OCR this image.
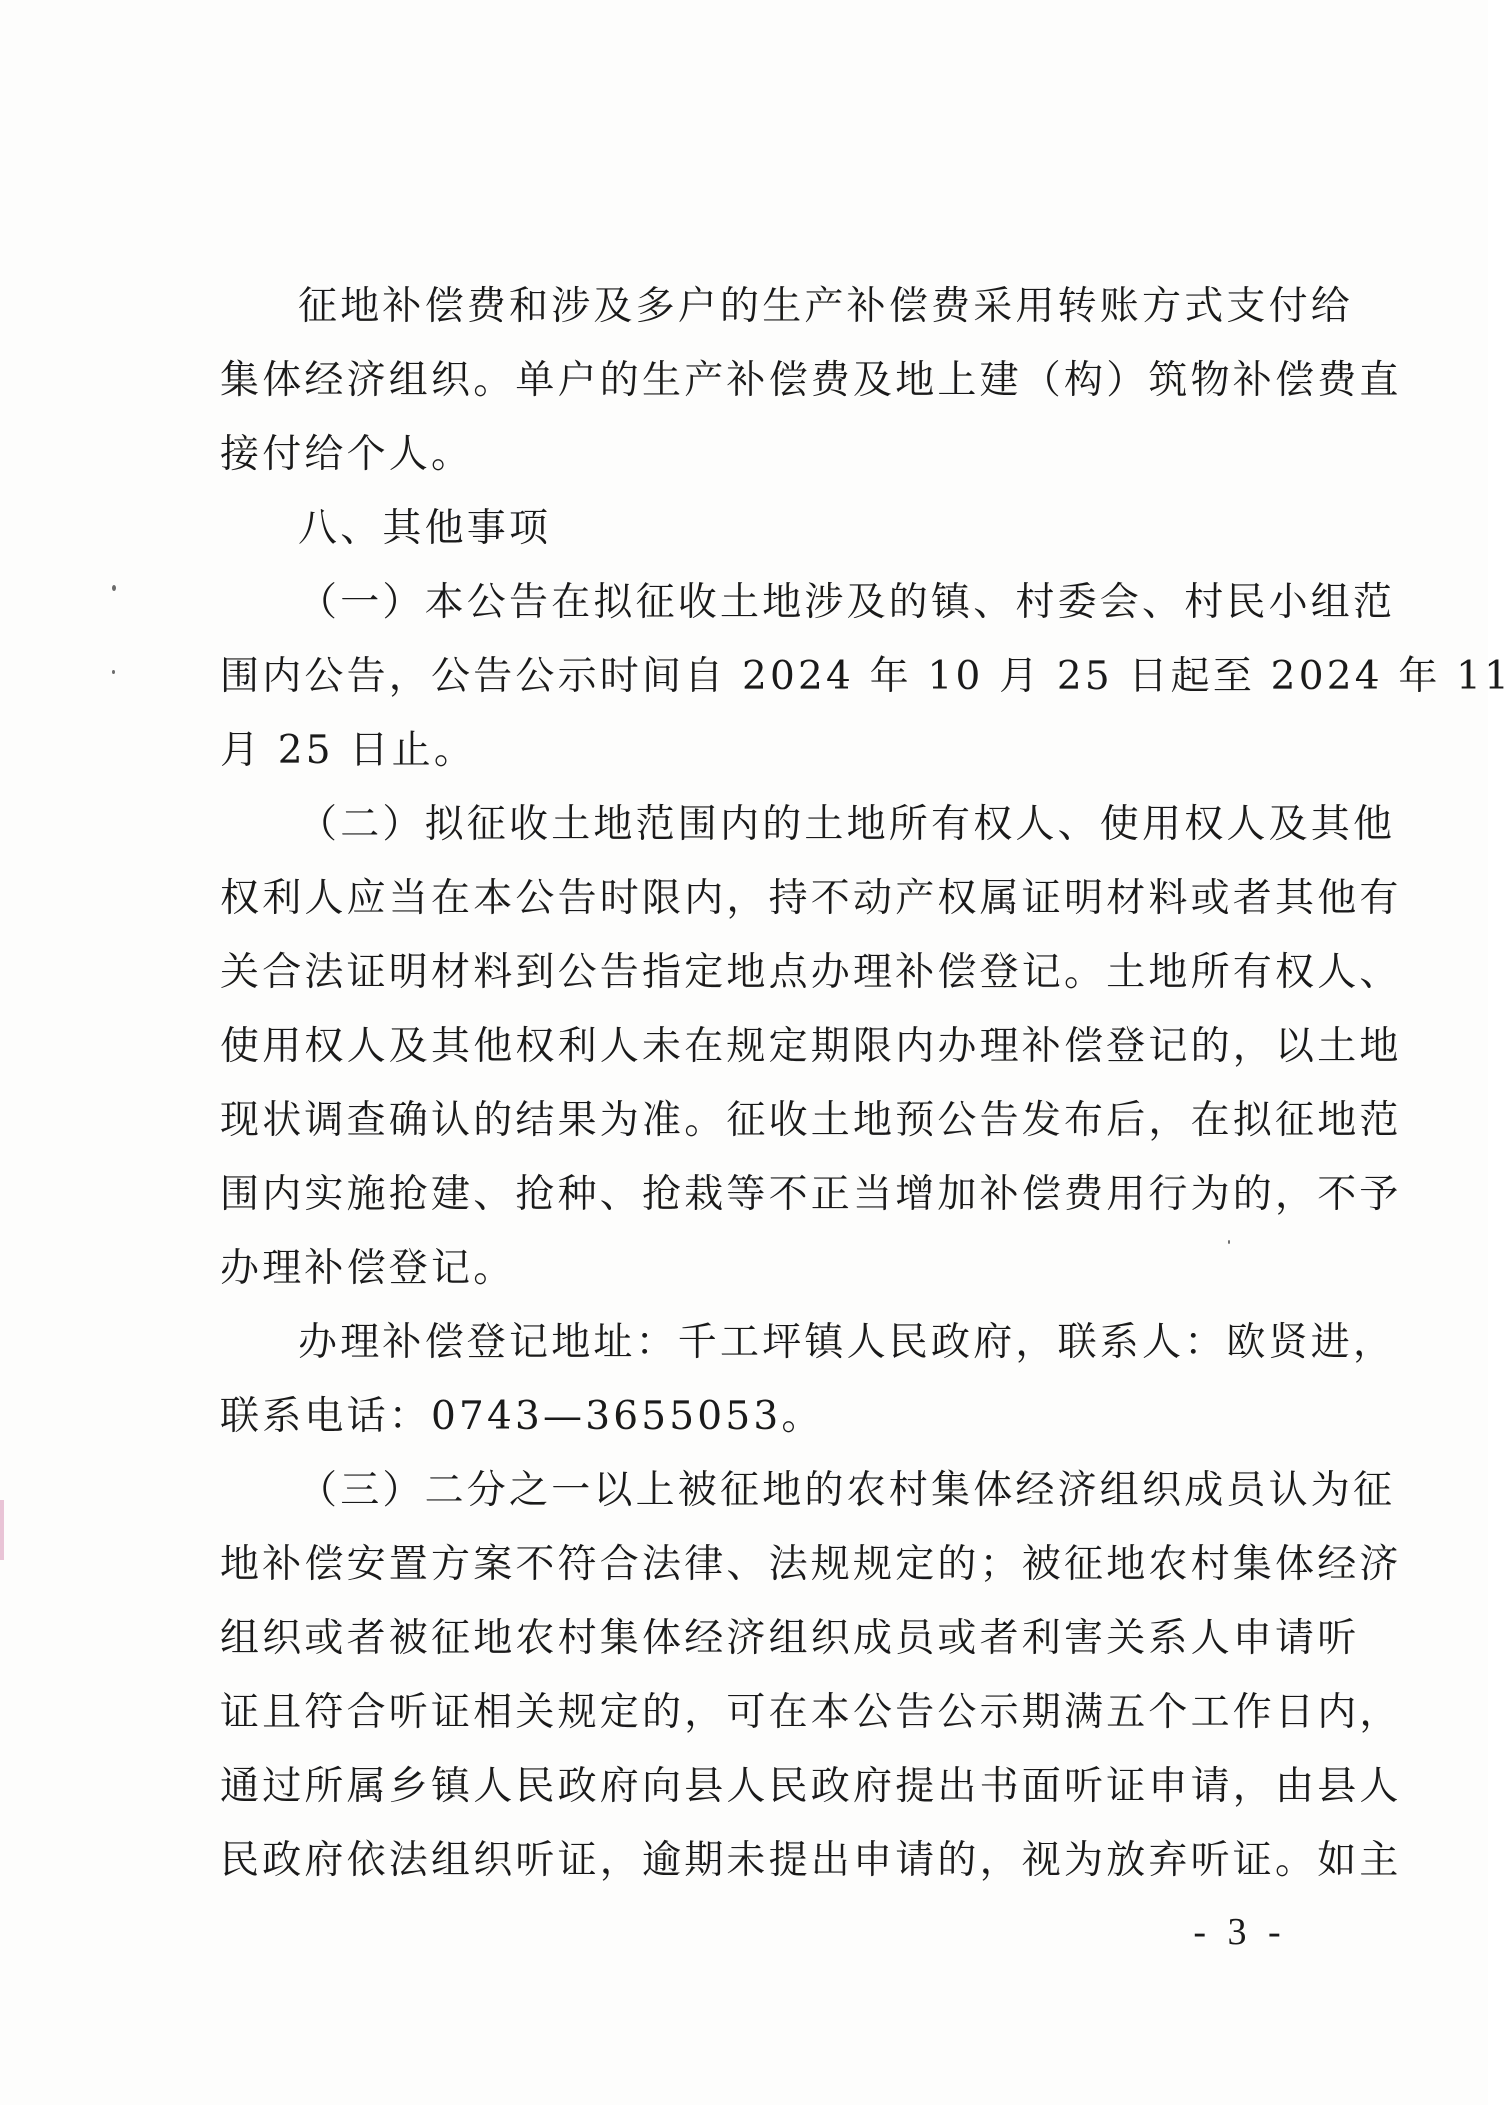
征地补偿费和涉及多户的生产补偿费采用转账方式支付给
集体经济组织。单户的生产补偿费及地上建（构）筑物补偿费直
接付给个人。
八、其他事项
（一）本公告在拟征收土地涉及的镇、村委会、村民小组范
围内公告，公告公示时间自 2024 年 10 月 25 日起至 2024 年 11
月 25 日止。
（二）拟征收土地范围内的土地所有权人、使用权人及其他
权利人应当在本公告时限内，持不动产权属证明材料或者其他有
关合法证明材料到公告指定地点办理补偿登记。土地所有权人、
使用权人及其他权利人未在规定期限内办理补偿登记的，以土地
现状调查确认的结果为准。征收土地预公告发布后，在拟征地范
围内实施抢建、抢种、抢栽等不正当增加补偿费用行为的，不予
办理补偿登记。
办理补偿登记地址：千工坪镇人民政府，联系人：欧贤进，
联系电话：0743—3655053。
（三）二分之一以上被征地的农村集体经济组织成员认为征
地补偿安置方案不符合法律、法规规定的；被征地农村集体经济
组织或者被征地农村集体经济组织成员或者利害关系人申请听
证且符合听证相关规定的，可在本公告公示期满五个工作日内，
通过所属乡镇人民政府向县人民政府提出书面听证申请，由县人
民政府依法组织听证，逾期未提出申请的，视为放弃听证。如主
- 3 -
